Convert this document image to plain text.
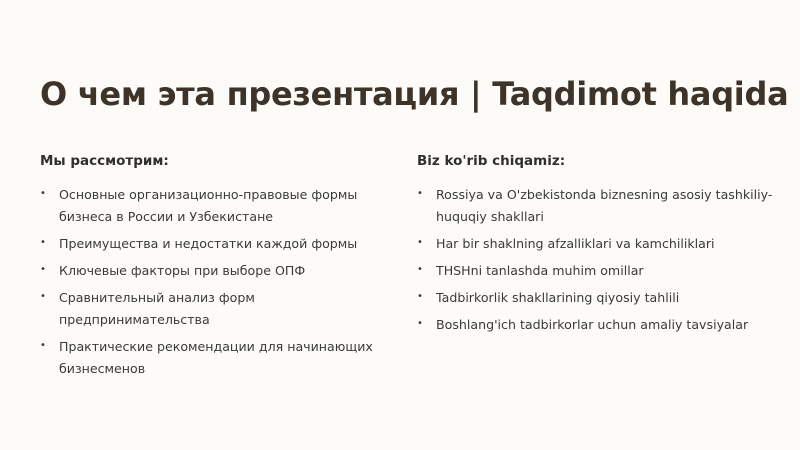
О чем эта презентация | Taqdimot haqida

Мы рассмотрим:

• Основные организационно-правовые формы бизнеса в России и Узбекистане
• Преимущества и недостатки каждой формы
• Ключевые факторы при выборе ОПФ
• Сравнительный анализ форм предпринимательства
• Практические рекомендации для начинающих бизнесменов

Biz ko'rib chiqamiz:

• Rossiya va O'zbekistonda biznesning asosiy tashkiliy-huquqiy shakllari
• Har bir shaklning afzalliklari va kamchiliklari
• THSHni tanlashda muhim omillar
• Tadbirkorlik shakllarining qiyosiy tahlili
• Boshlang'ich tadbirkorlar uchun amaliy tavsiyalar
